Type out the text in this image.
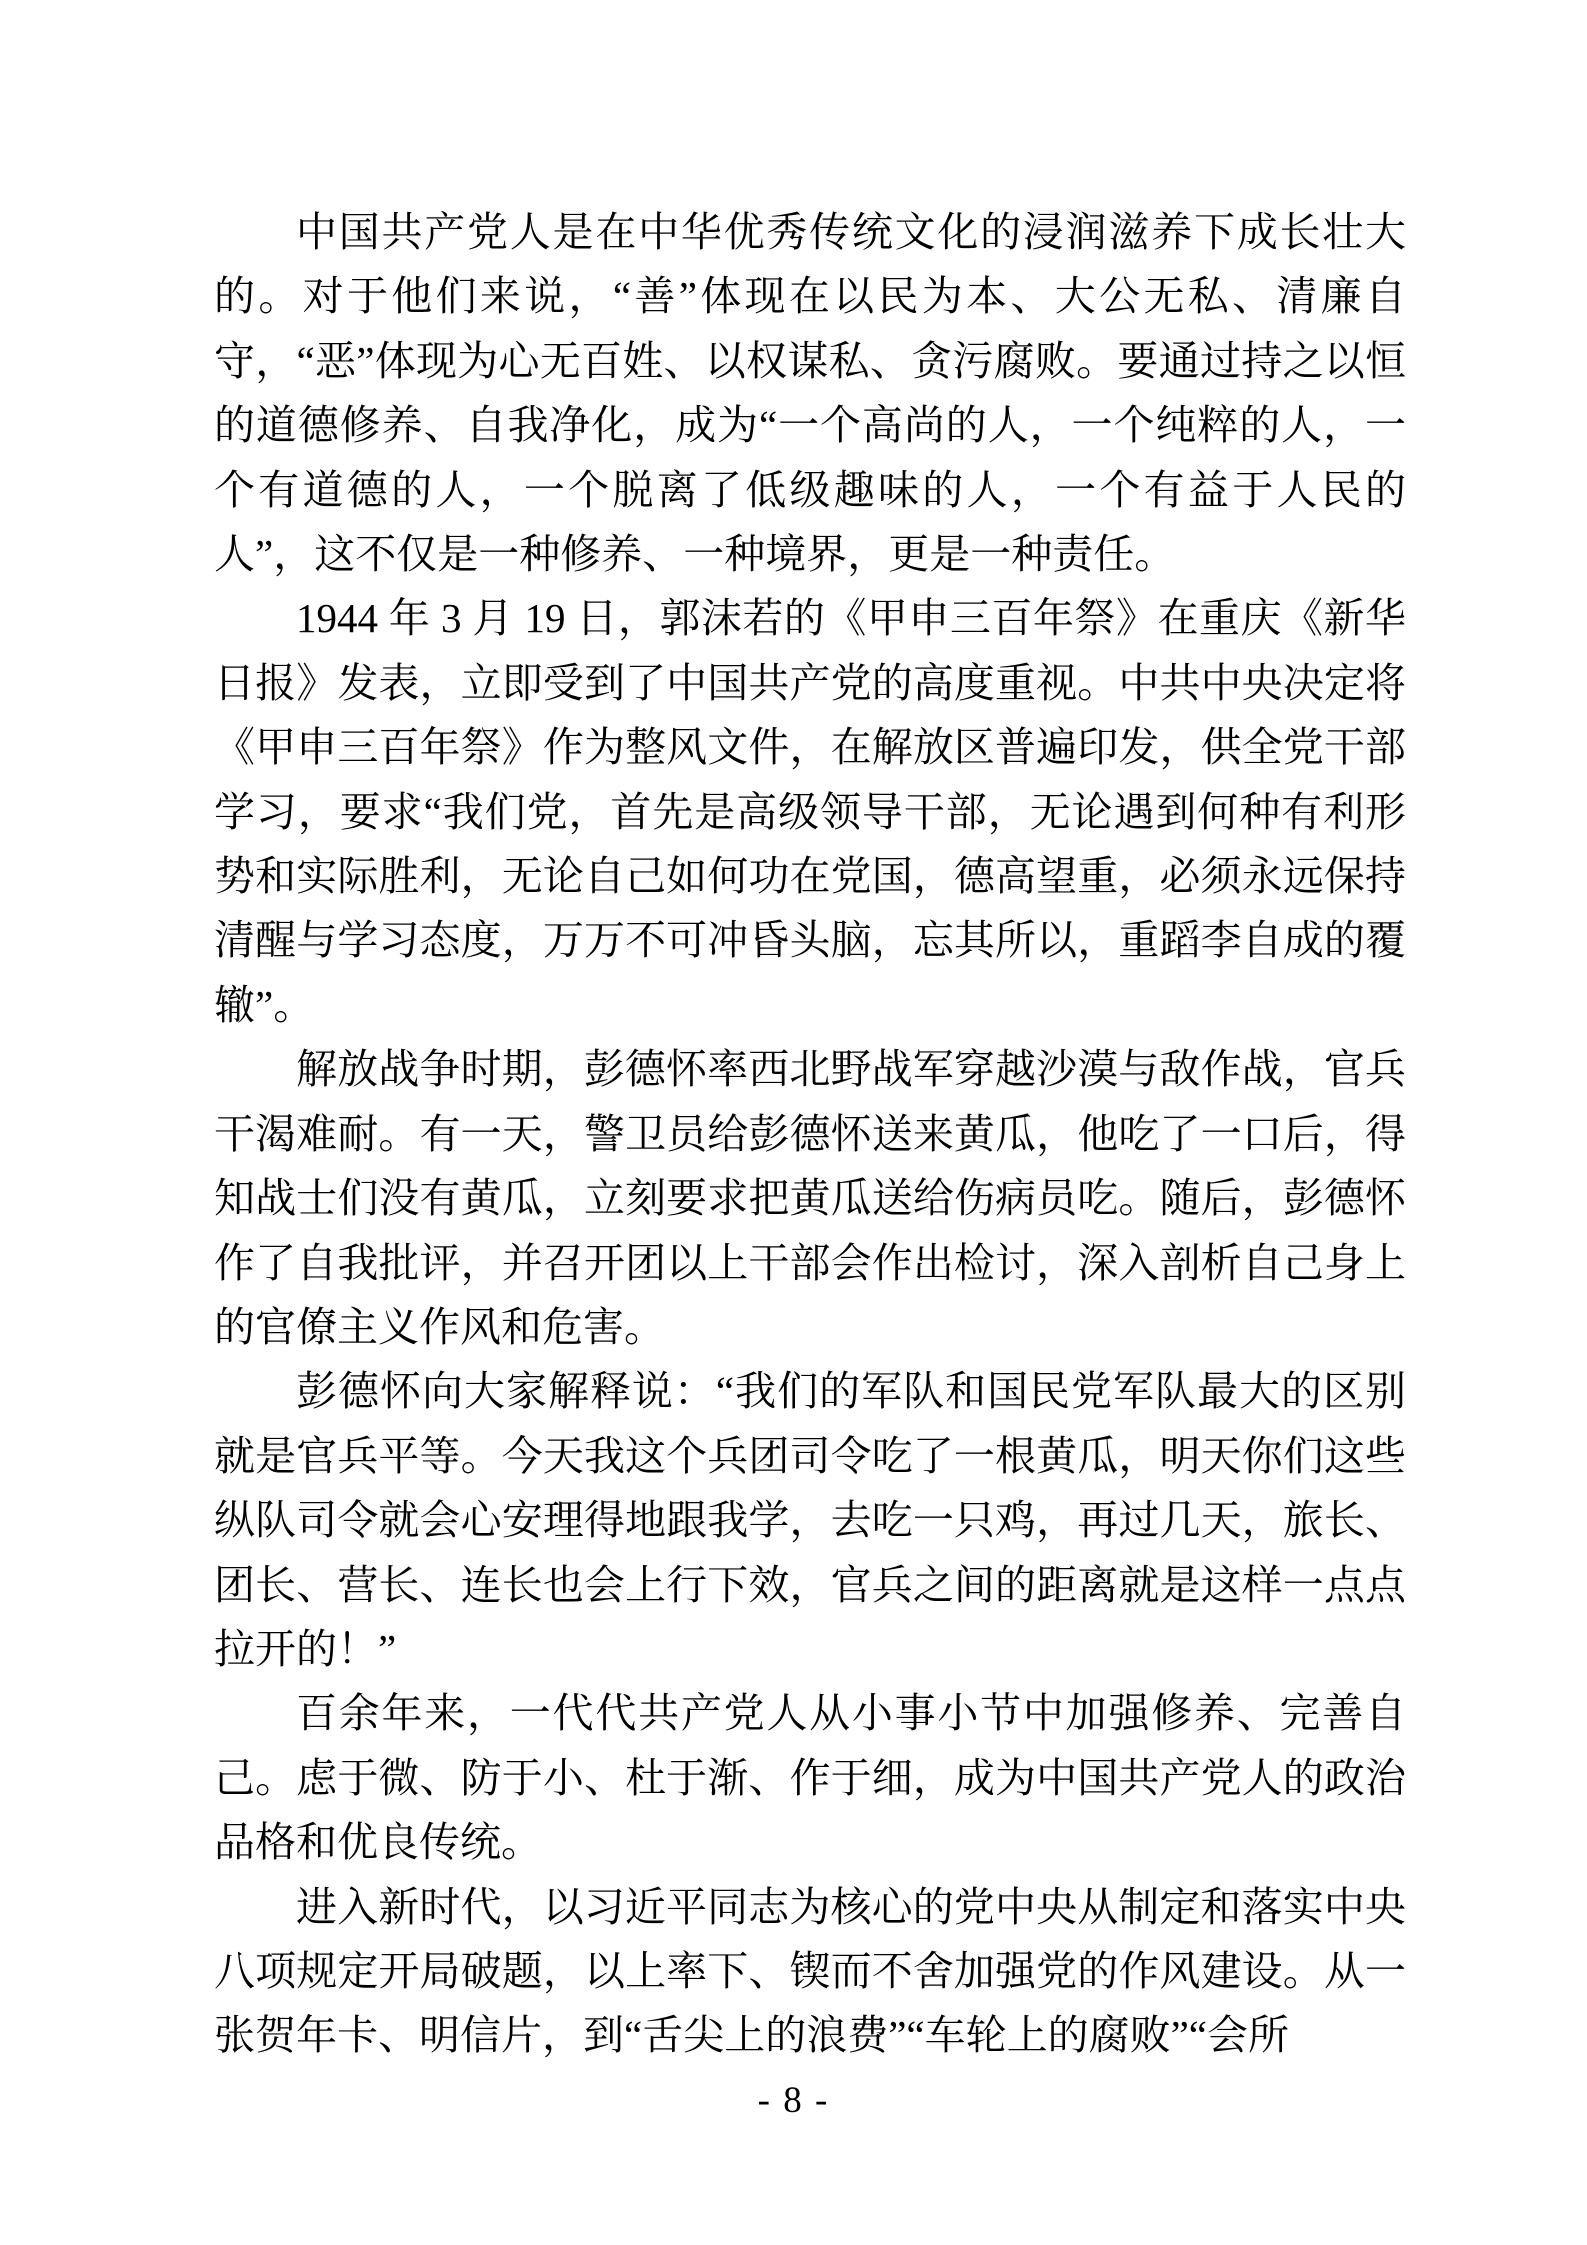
中国共产党人是在中华优秀传统文化的浸润滋养下成长壮大的。对于他们来说，“善”体现在以民为本、大公无私、清廉自守，“恶”体现为心无百姓、以权谋私、贪污腐败。要通过持之以恒的道德修养、自我净化，成为“一个高尚的人，一个纯粹的人，一个有道德的人，一个脱离了低级趣味的人，一个有益于人民的人”，这不仅是一种修养、一种境界，更是一种责任。

1944 年 3 月 19 日，郭沫若的《甲申三百年祭》在重庆《新华日报》发表，立即受到了中国共产党的高度重视。中共中央决定将《甲申三百年祭》作为整风文件，在解放区普遍印发，供全党干部学习，要求“我们党，首先是高级领导干部，无论遇到何种有利形势和实际胜利，无论自己如何功在党国，德高望重，必须永远保持清醒与学习态度，万万不可冲昏头脑，忘其所以，重蹈李自成的覆辙”。

解放战争时期，彭德怀率西北野战军穿越沙漠与敌作战，官兵干渴难耐。有一天，警卫员给彭德怀送来黄瓜，他吃了一口后，得知战士们没有黄瓜，立刻要求把黄瓜送给伤病员吃。随后，彭德怀作了自我批评，并召开团以上干部会作出检讨，深入剖析自己身上的官僚主义作风和危害。

彭德怀向大家解释说：“我们的军队和国民党军队最大的区别就是官兵平等。今天我这个兵团司令吃了一根黄瓜，明天你们这些纵队司令就会心安理得地跟我学，去吃一只鸡，再过几天，旅长、团长、营长、连长也会上行下效，官兵之间的距离就是这样一点点拉开的！”

百余年来，一代代共产党人从小事小节中加强修养、完善自己。虑于微、防于小、杜于渐、作于细，成为中国共产党人的政治品格和优良传统。

进入新时代，以习近平同志为核心的党中央从制定和落实中央八项规定开局破题，以上率下、锲而不舍加强党的作风建设。从一张贺年卡、明信片，到“舌尖上的浪费”“车轮上的腐败”“会所

- 8 -
